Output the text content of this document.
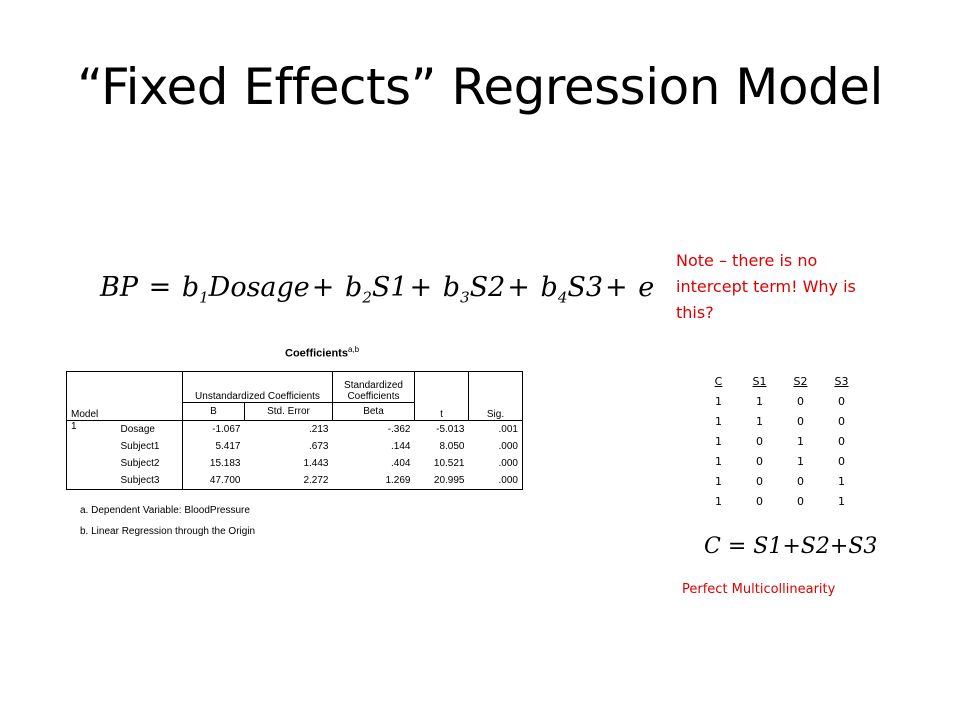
“Fixed Effects” Regression Model
BP = $b_1Dosage+ b_2S1+ b_3S2+ b_4S3+ e$
Coefficients$^{a,b}$
Model		Unstandardized Coefficients		Standardized Coefficients	t	Sig.
		B	Std. Error	Beta		
1	Dosage	-1.067	.213	-.362	-5.013	.001
	Subject1	5.417	.673	.144	8.050	.000
	Subject2	15.183	1.443	.404	10.521	.000
	Subject3	47.700	2.272	1.269	20.995	.000
a. Dependent Variable: BloodPressure
b. Linear Regression through the Origin
Note – there is no intercept term! Why is this?
C	S1	S2	S3
1	1	0	0
1	1	0	0
1	0	1	0
1	0	1	0
1	0	0	1
1	0	0	1
C = S1+S2+S3
Perfect Multicollinearity
